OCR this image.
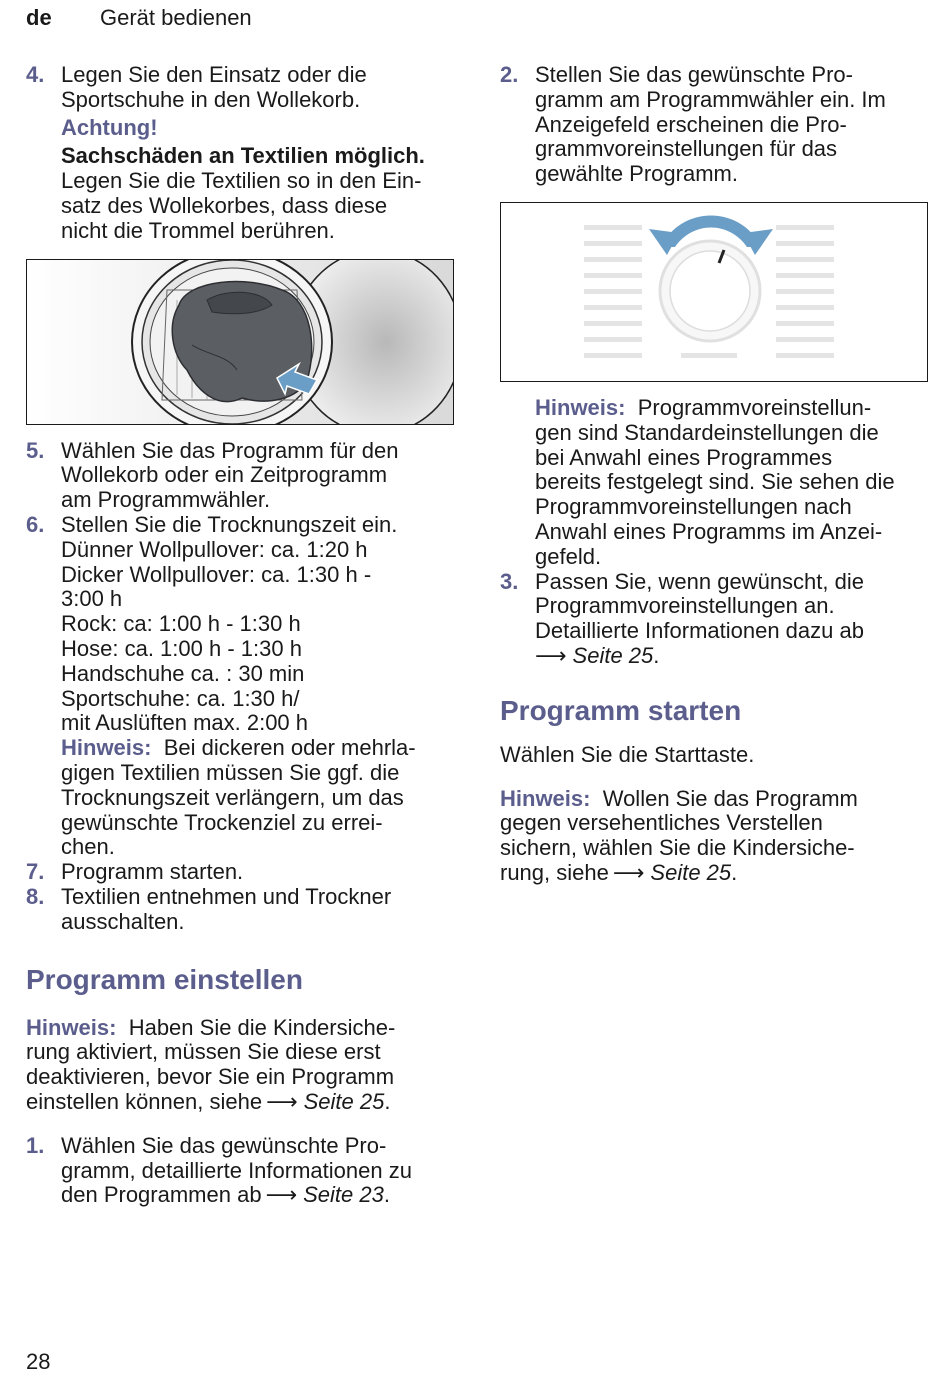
de Gerät bedienen
4. Legen Sie den Einsatz oder die
Sportschuhe in den Wollekorb.
Achtung!
Sachschäden an Textilien möglich.
Legen Sie die Textilien so in den Ein-
satz des Wollekorbes, dass diese
nicht die Trommel berühren.
5. Wählen Sie das Programm für den
Wollekorb oder ein Zeitprogramm
am Programmwähler.
6. Stellen Sie die Trocknungszeit ein.
Dünner Wollpullover: ca. 1:20 h
Dicker Wollpullover: ca. 1:30 h -
3:00 h
Rock: ca: 1:00 h - 1:30 h
Hose: ca. 1:00 h - 1:30 h
Handschuhe ca. : 30 min
Sportschuhe: ca. 1:30 h/
mit Auslüften max. 2:00 h
Hinweis: Bei dickeren oder mehrla-
gigen Textilien müssen Sie ggf. die
Trocknungszeit verlängern, um das
gewünschte Trockenziel zu errei-
chen.
7. Programm starten.
8. Textilien entnehmen und Trockner
ausschalten.
Programm einstellen
Hinweis: Haben Sie die Kindersiche-
rung aktiviert, müssen Sie diese erst
deaktivieren, bevor Sie ein Programm
einstellen können, siehe ⟶ Seite 25.
1. Wählen Sie das gewünschte Pro-
gramm, detaillierte Informationen zu
den Programmen ab ⟶ Seite 23.
2. Stellen Sie das gewünschte Pro-
gramm am Programmwähler ein. Im
Anzeigefeld erscheinen die Pro-
grammvoreinstellungen für das
gewählte Programm.
Hinweis: Programmvoreinstellun-
gen sind Standardeinstellungen die
bei Anwahl eines Programmes
bereits festgelegt sind. Sie sehen die
Programmvoreinstellungen nach
Anwahl eines Programms im Anzei-
gefeld.
3. Passen Sie, wenn gewünscht, die
Programmvoreinstellungen an.
Detaillierte Informationen dazu ab
⟶ Seite 25.
Programm starten
Wählen Sie die Starttaste.
Hinweis: Wollen Sie das Programm
gegen versehentliches Verstellen
sichern, wählen Sie die Kindersiche-
rung, siehe ⟶ Seite 25.
28
